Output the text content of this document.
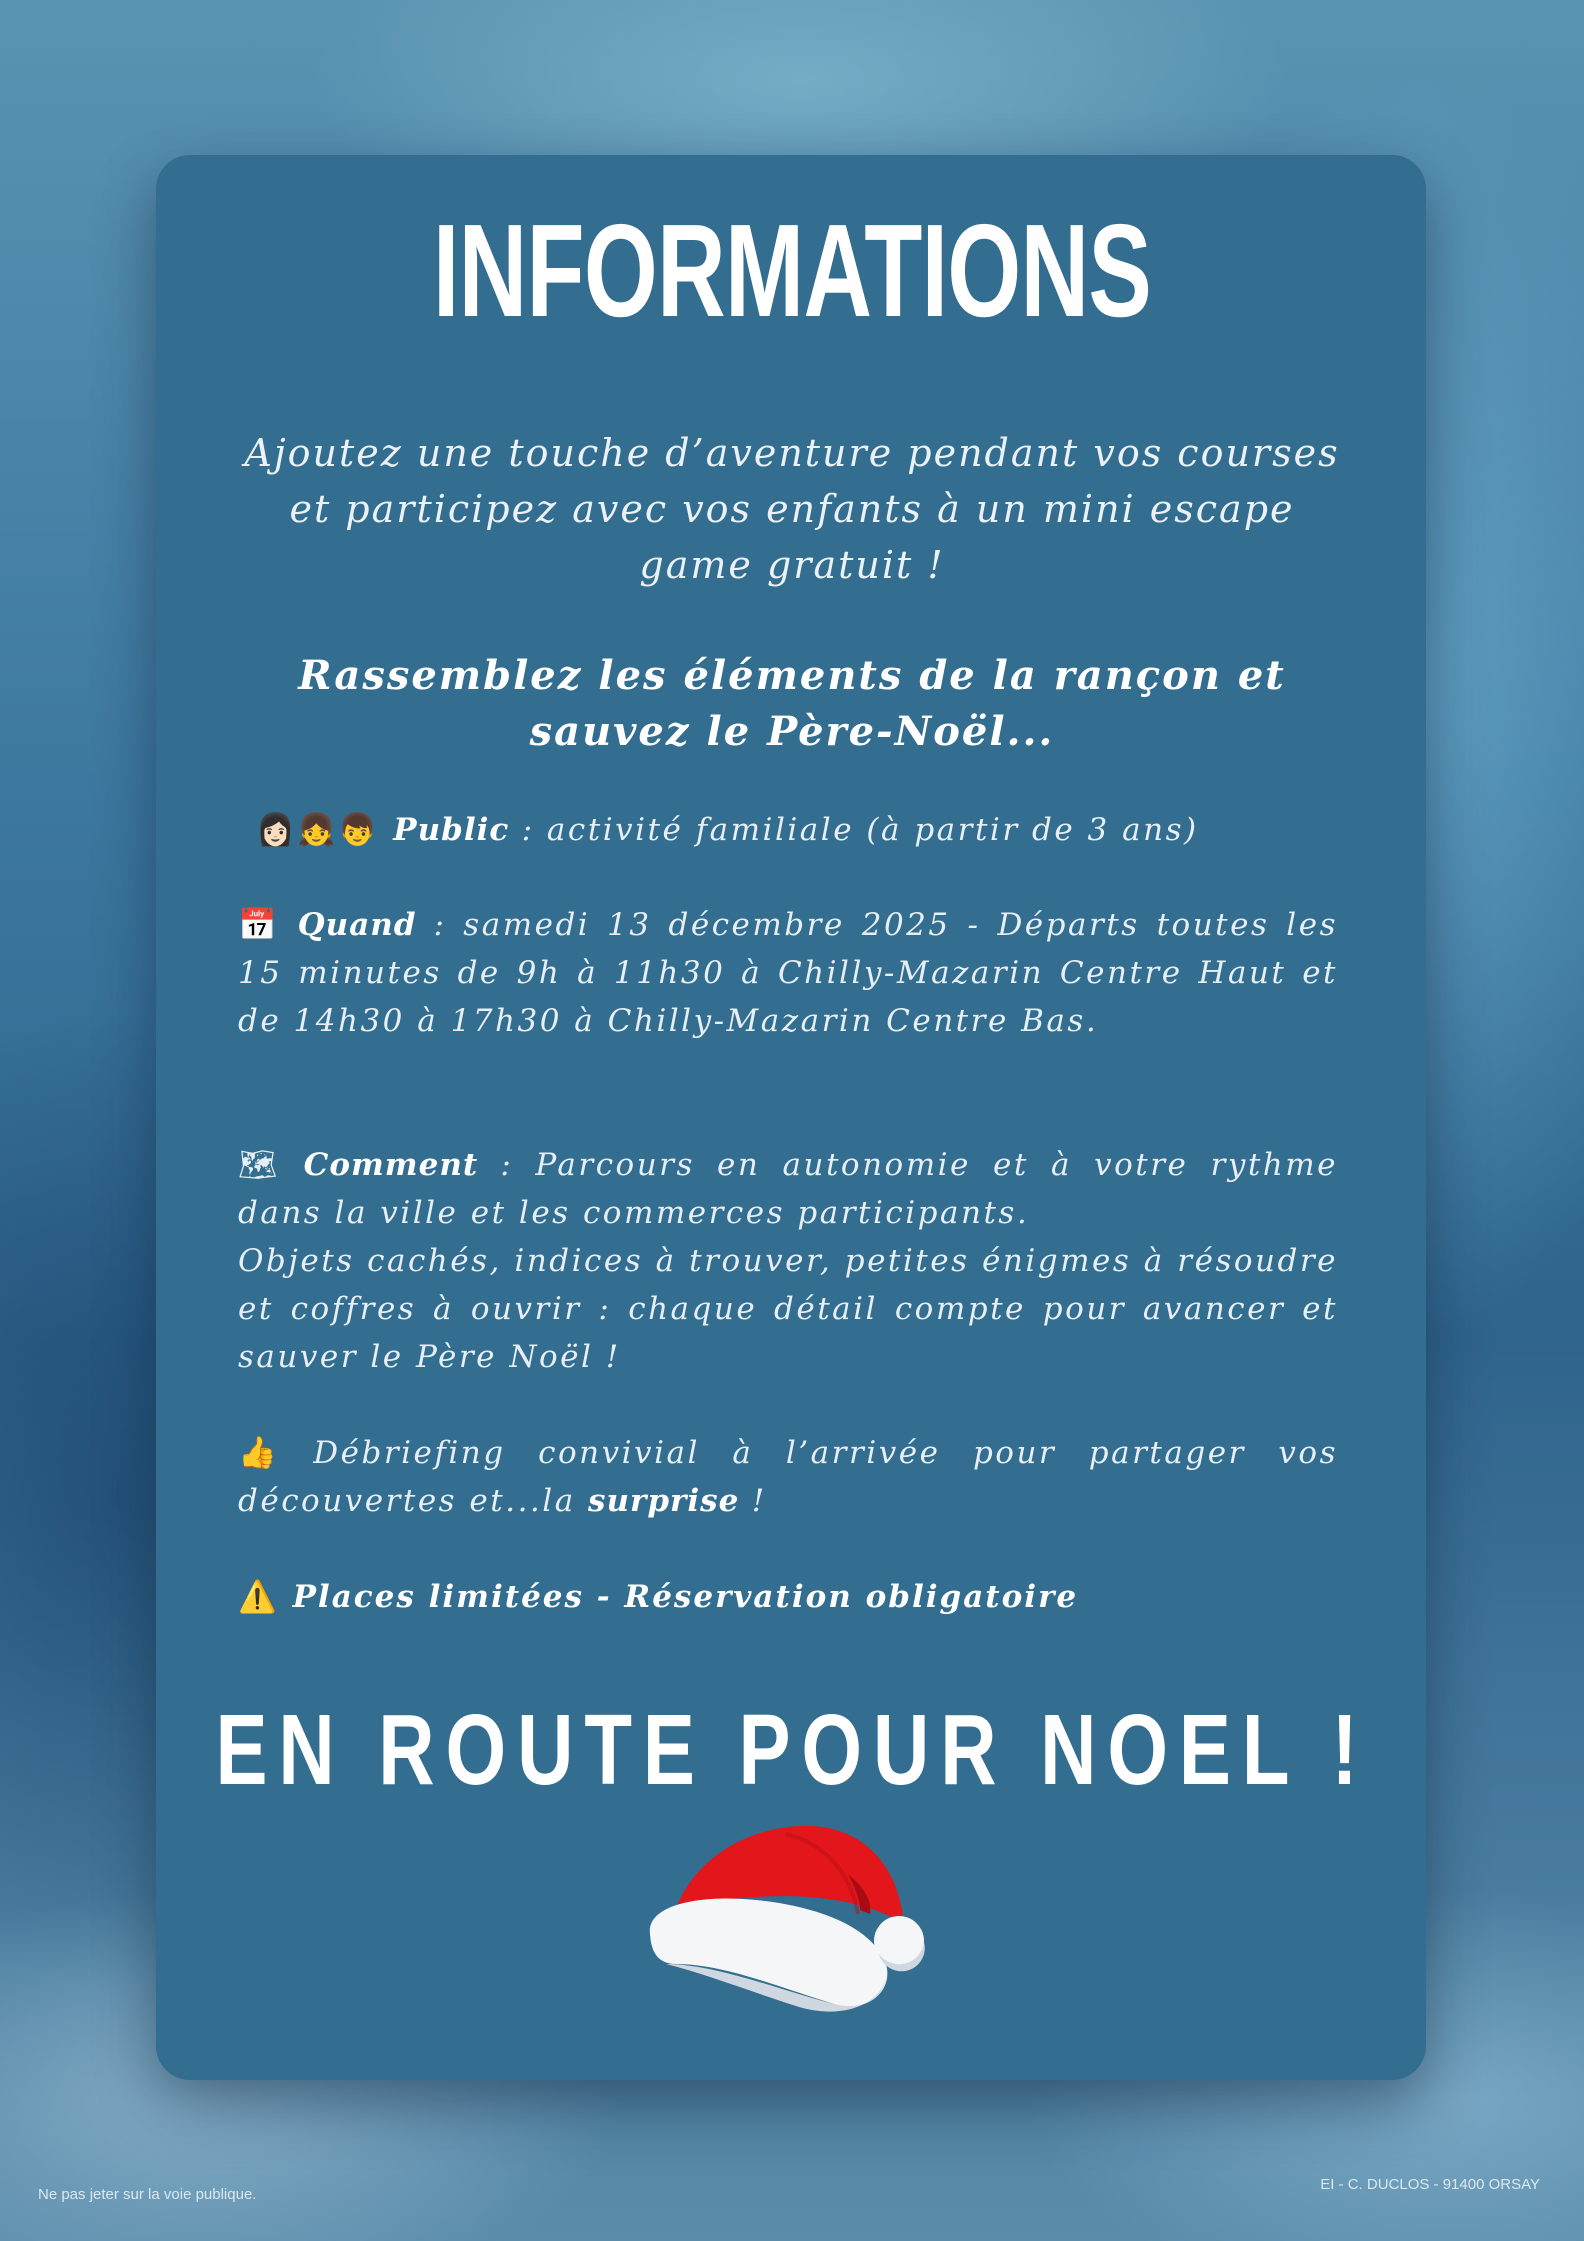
INFORMATIONS
Ajoutez une touche d’aventure pendant vos courses et participez avec vos enfants à un mini escape game gratuit !
Rassemblez les éléments de la rançon et sauvez le Père-Noël...
👩🏻👧👦 Public : activité familiale (à partir de 3 ans)
📅 Quand : samedi 13 décembre 2025 - Départs toutes les 15 minutes de 9h à 11h30 à Chilly-Mazarin Centre Haut et de 14h30 à 17h30 à Chilly-Mazarin Centre Bas.
🗺 Comment : Parcours en autonomie et à votre rythme dans la ville et les commerces participants.
Objets cachés, indices à trouver, petites énigmes à résoudre et coffres à ouvrir : chaque détail compte pour avancer et sauver le Père Noël !
👍 Débriefing convivial à l’arrivée pour partager vos découvertes et...la surprise !
⚠️ Places limitées - Réservation obligatoire
EN ROUTE POUR NOEL !
Ne pas jeter sur la voie publique.
EI - C. DUCLOS - 91400 ORSAY
